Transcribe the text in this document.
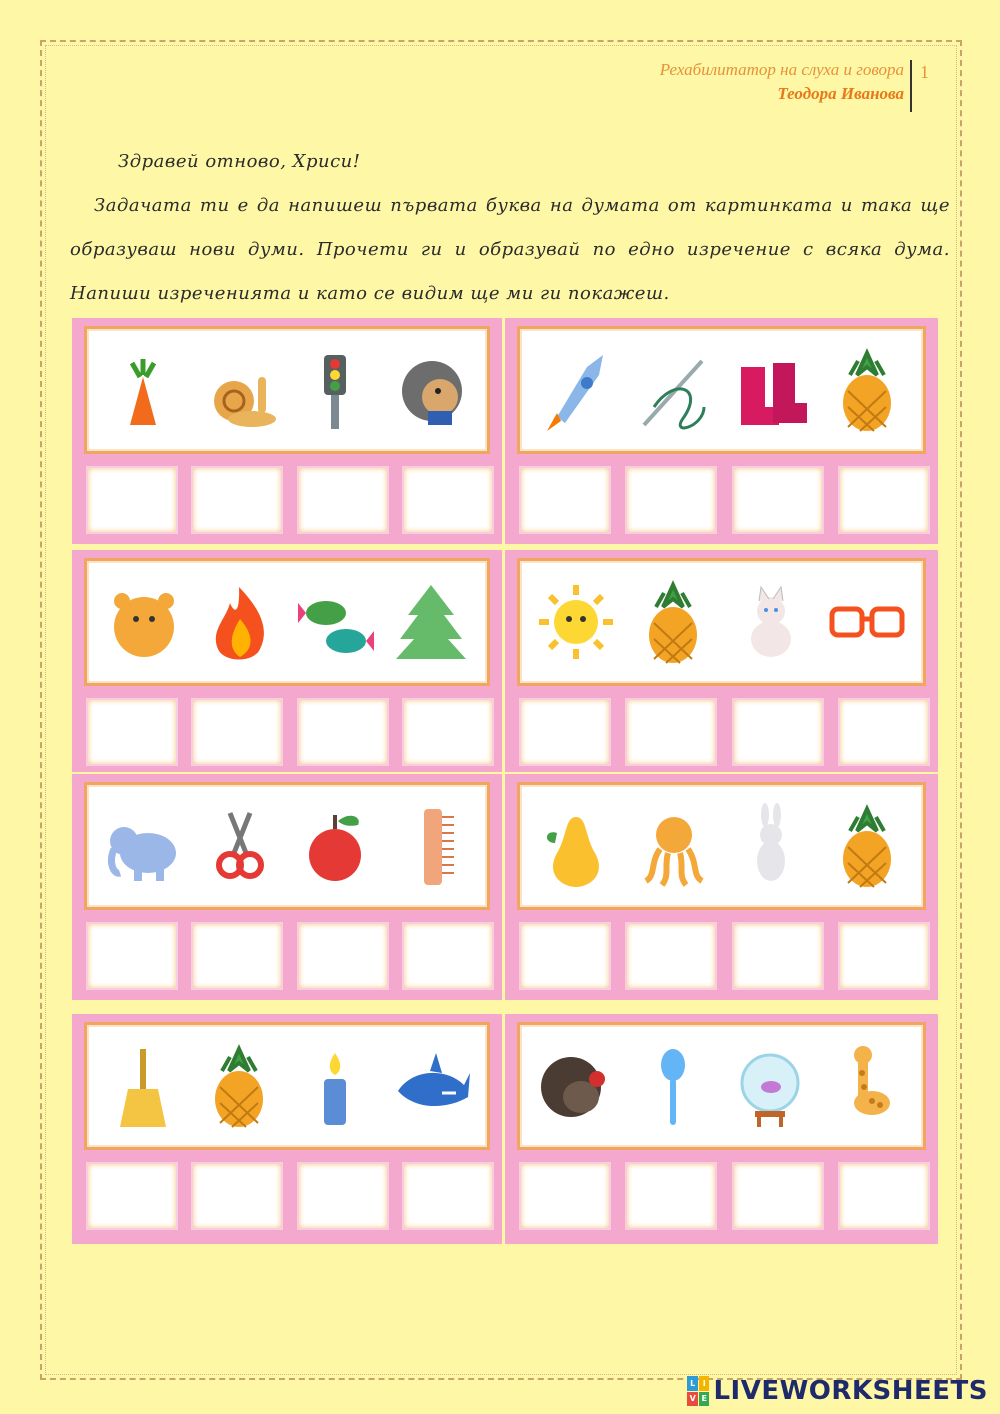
Рехабилитатор на слуха и говора
Теодора Иванова
1
Здравей отново, Хриси!
Задачата ти е да напишеш първата буква на думата от картинката и така ще образуваш нови думи. Прочети ги и образувай по едно изречение с всяка дума. Напиши изреченията и като се видим ще ми ги покажеш.
L I
V E LIVEWORKSHEETS
